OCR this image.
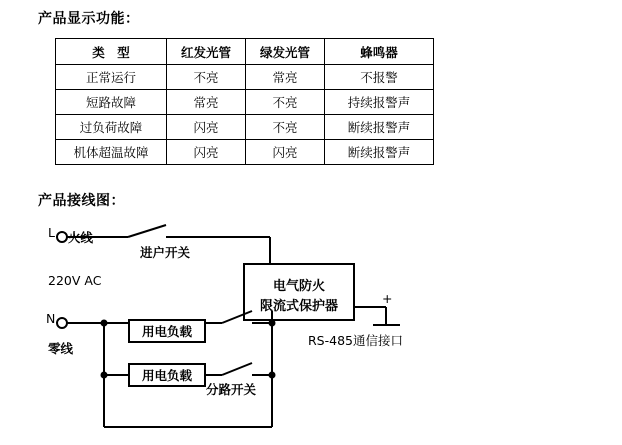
产品显示功能：
类　型	红发光管	绿发光管	蜂鸣器
正常运行	不亮	常亮	不报警
短路故障	常亮	不亮	持续报警声
过负荷故障	闪亮	不亮	断续报警声
机体超温故障	闪亮	闪亮	断续报警声
产品接线图：
电气防火
限流式保护器
用电负载
用电负载
L 火线
进户开关
220V AC
N
零线
分路开关
+
RS-485通信接口
